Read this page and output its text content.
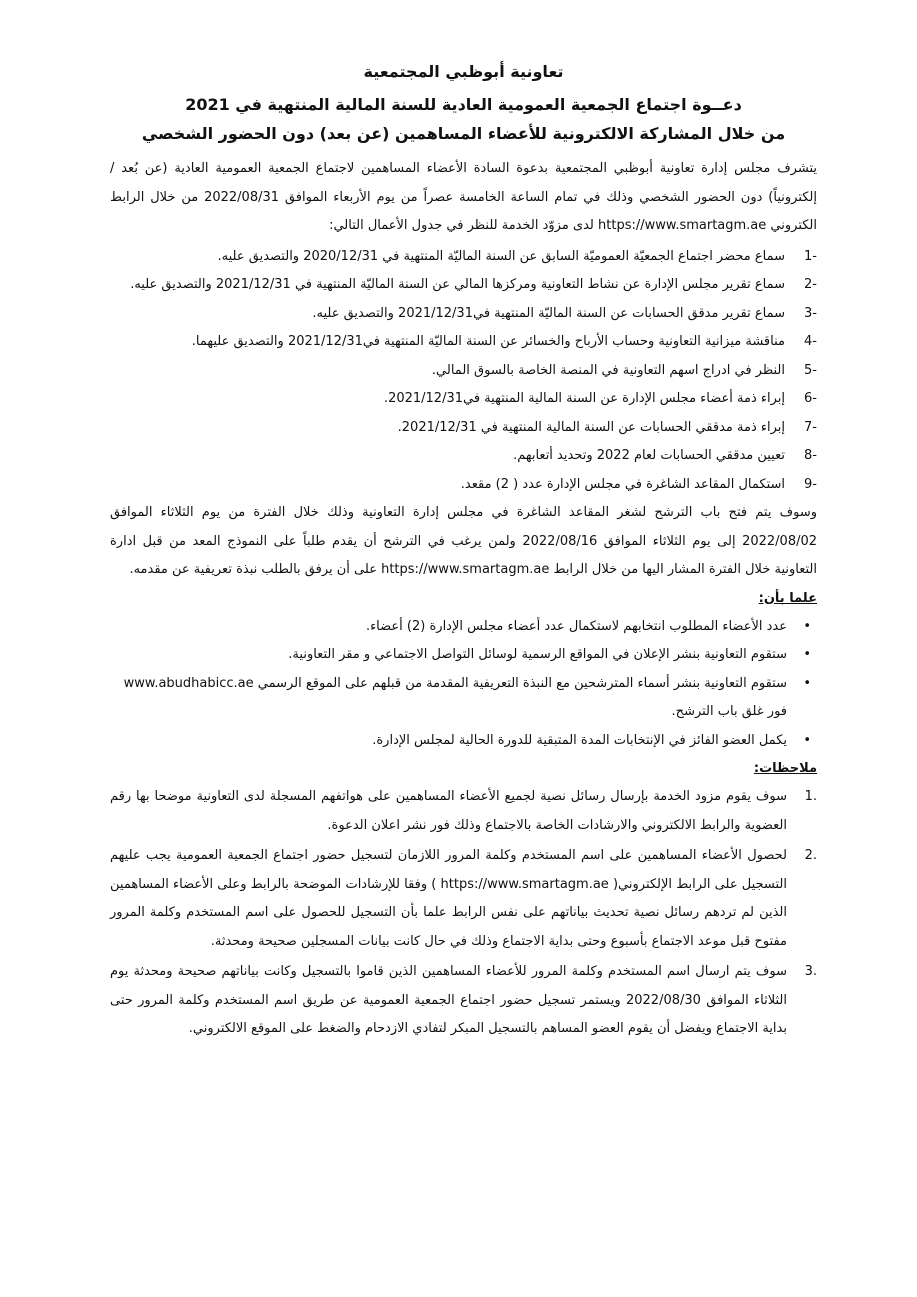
تعاونية أبوظبي المجتمعية

دعــوة اجتماع الجمعية العمومية العادية للسنة المالية المنتهية في 2021

من خلال المشاركة الالكترونية للأعضاء المساهمين (عن بعد) دون الحضور الشخصي

يتشرف مجلس إدارة تعاونية أبوظبي المجتمعية بدعوة السادة الأعضاء المساهمين لاجتماع الجمعية العمومية العادية (عن بُعد / إلكترونياً) دون الحضور الشخصي وذلك في تمام الساعة الخامسة عصراً من يوم الأربعاء الموافق 2022/08/31 من خلال الرابط الكتروني https://www.smartagm.ae لدى مزوّد الخدمة للنظر في جدول الأعمال التالي:

-1
سماع محضر اجتماع الجمعيّة العموميّة السابق عن السنة الماليّة المنتهية في 2020/12/31 والتصديق عليه.
-2
سماع تقرير مجلس الإدارة عن نشاط التعاونية ومركزها المالي عن السنة الماليّة المنتهية في 2021/12/31 والتصديق عليه.
-3
سماع تقرير مدقق الحسابات عن السنة الماليّة المنتهية في2021/12/31 والتصديق عليه.
-4
مناقشة ميزانية التعاونية وحساب الأرباح والخسائر عن السنة الماليّة المنتهية في2021/12/31 والتصديق عليهما.
-5
النظر في ادراج اسهم التعاونية في المنصة الخاصة بالسوق المالي.
-6
إبراء ذمة أعضاء مجلس الإدارة عن السنة المالية المنتهية في2021/12/31.
-7
إبراء ذمة مدققي الحسابات عن السنة المالية المنتهية في 2021/12/31.
-8
تعيين مدققي الحسابات لعام 2022 وتحديد أتعابهم.
-9
استكمال المقاعد الشاغرة في مجلس الإدارة عدد ( 2) مقعد.

وسوف يتم فتح باب الترشح لشغر المقاعد الشاغرة في مجلس إدارة التعاونية وذلك خلال الفترة من يوم الثلاثاء الموافق 2022/08/02 إلى يوم الثلاثاء الموافق 2022/08/16 ولمن يرغب في الترشح أن يقدم طلباً على النموذج المعد من قبل ادارة التعاونية خلال الفترة المشار اليها من خلال الرابط https://www.smartagm.ae على أن يرفق بالطلب نبذة تعريفية عن مقدمه.

علما بأن:

•
عدد الأعضاء المطلوب انتخابهم لاستكمال عدد أعضاء مجلس الإدارة (2) أعضاء.
•
ستقوم التعاونية بنشر الإعلان في المواقع الرسمية لوسائل التواصل الاجتماعي و مقر التعاونية.
•
ستقوم التعاونية بنشر أسماء المترشحين مع النبذة التعريفية المقدمة من قبلهم على الموقع الرسمي www.abudhabicc.ae فور غلق باب الترشح.
•
يكمل العضو الفائز في الإنتخابات المدة المتبقية للدورة الحالية لمجلس الإدارة.

ملاحظات:

.1
سوف يقوم مزود الخدمة بإرسال رسائل نصية لجميع الأعضاء المساهمين على هواتفهم المسجلة لدى التعاونية موضحا بها رقم العضوية والرابط الالكتروني والارشادات الخاصة بالاجتماع وذلك فور نشر اعلان الدعوة.
.2
لحصول الأعضاء المساهمين على اسم المستخدم وكلمة المرور اللازمان لتسجيل حضور اجتماع الجمعية العمومية يجب عليهم التسجيل على الرابط الإلكتروني( https://www.smartagm.ae ) وفقا للإرشادات الموضحة بالرابط وعلى الأعضاء المساهمين الذين لم تردهم رسائل نصية تحديث بياناتهم على نفس الرابط علما بأن التسجيل للحصول على اسم المستخدم وكلمة المرور مفتوح قبل موعد الاجتماع بأسبوع وحتى بداية الاجتماع وذلك في حال كانت بيانات المسجلين صحيحة ومحدثة.
.3
سوف يتم ارسال اسم المستخدم وكلمة المرور للأعضاء المساهمين الذين قاموا بالتسجيل وكانت بياناتهم صحيحة ومحدثة يوم الثلاثاء الموافق 2022/08/30 ويستمر تسجيل حضور اجتماع الجمعية العمومية عن طريق اسم المستخدم وكلمة المرور حتى بداية الاجتماع ويفضل أن يقوم العضو المساهم بالتسجيل المبكر لتفادي الازدحام والضغط على الموقع الالكتروني.
